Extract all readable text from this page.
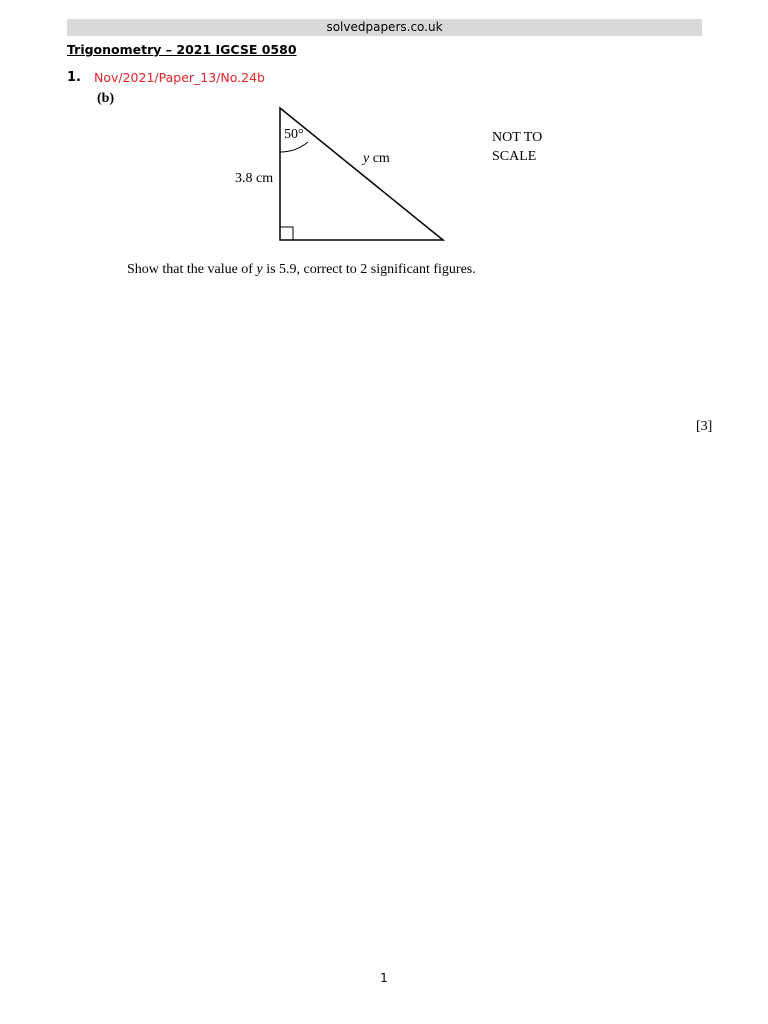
solvedpapers.co.uk
Trigonometry – 2021 IGCSE 0580
1. Nov/2021/Paper_13/No.24b
(b)
50°
3.8 cm
y cm
NOT TO
SCALE
Show that the value of y is 5.9, correct to 2 significant figures.
[3]
1
